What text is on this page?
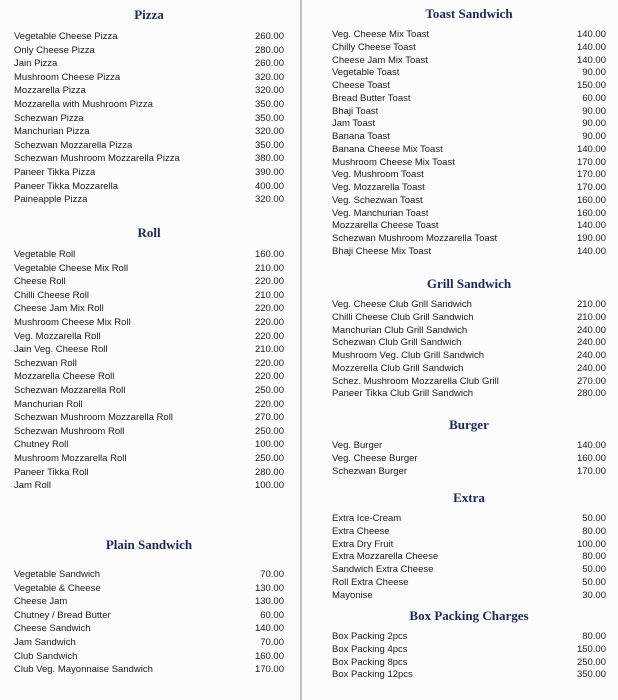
Pizza
Vegetable Cheese Pizza	260.00
Only Cheese Pizza	280.00
Jain Pizza	260.00
Mushroom Cheese Pizza	320.00
Mozzarella Pizza	320.00
Mozzarella with Mushroom Pizza	350.00
Schezwan Pizza	350.00
Manchurian Pizza	320.00
Schezwan Mozzarella Pizza	350.00
Schezwan Mushroom Mozzarella Pizza	380.00
Paneer Tikka Pizza	390.00
Paneer Tikka Mozzarella	400.00
Paineapple Pizza	320.00
Roll
Vegetable Roll	160.00
Vegetable Cheese Mix Roll	210.00
Cheese Roll	220.00
Chilli Cheese Roll	210.00
Cheese Jam Mix Roll	220.00
Mushroom Cheese Mix Roll	220.00
Veg. Mozzarella Roll	220.00
Jain Veg. Cheese Roll	210.00
Schezwan Roll	220.00
Mozzarella Cheese Roll	220.00
Schezwan Mozzarella Roll	250.00
Manchurian Roll	220.00
Schezwan Mushroom Mozzarella Roll	270.00
Schezwan Mushroom Roll	250.00
Chutney Roll	100.00
Mushroom Mozzarella Roll	250.00
Paneer Tikka Roll	280.00
Jam Roll	100.00
Plain Sandwich
Vegetable Sandwich	70.00
Vegetable & Cheese	130.00
Cheese Jam	130.00
Chutney / Bread Butter	60.00
Cheese Sandwich	140.00
Jam Sandwich	70.00
Club Sandwich	160.00
Club Veg. Mayonnaise Sandwich	170.00
Toast Sandwich
Veg. Cheese Mix Toast	140.00
Chilly Cheese Toast	140.00
Cheese Jam Mix Toast	140.00
Vegetable Toast	90.00
Cheese Toast	150.00
Bread Butter Toast	60.00
Bhaji Toast	90.00
Jam Toast	90.00
Banana Toast	90.00
Banana Cheese Mix Toast	140.00
Mushroom Cheese Mix Toast	170.00
Veg. Mushroom Toast	170.00
Veg. Mozzarella Toast	170.00
Veg. Schezwan Toast	160.00
Veg. Manchurian Toast	160.00
Mozzarella Cheese Toast	140.00
Schezwan Mushroom Mozzarella Toast	190.00
Bhaji Cheese Mix Toast	140.00
Grill Sandwich
Veg. Cheese Club Grill Sandwich	210.00
Chilli Cheese Club Grill Sandwich	210.00
Manchurian Club Grill Sandwich	240.00
Schezwan Club Grill Sandwich	240.00
Mushroom Veg. Club Grill Sandwich	240.00
Mozzerella Club Grill Sandwich	240.00
Schez. Mushroom Mozzarella Club Grill	270.00
Paneer Tikka Club Grill Sandwich	280.00
Burger
Veg. Burger	140.00
Veg. Cheese Burger	160.00
Schezwan Burger	170.00
Extra
Extra Ice-Cream	50.00
Extra Cheese	80.00
Extra Dry Fruit	100.00
Extra Mozzarella Cheese	80.00
Sandwich Extra Cheese	50.00
Roll Extra Cheese	50.00
Mayonise	30.00
Box Packing Charges
Box Packing 2pcs	80.00
Box Packing 4pcs	150.00
Box Packing 8pcs	250.00
Box Packing 12pcs	350.00
